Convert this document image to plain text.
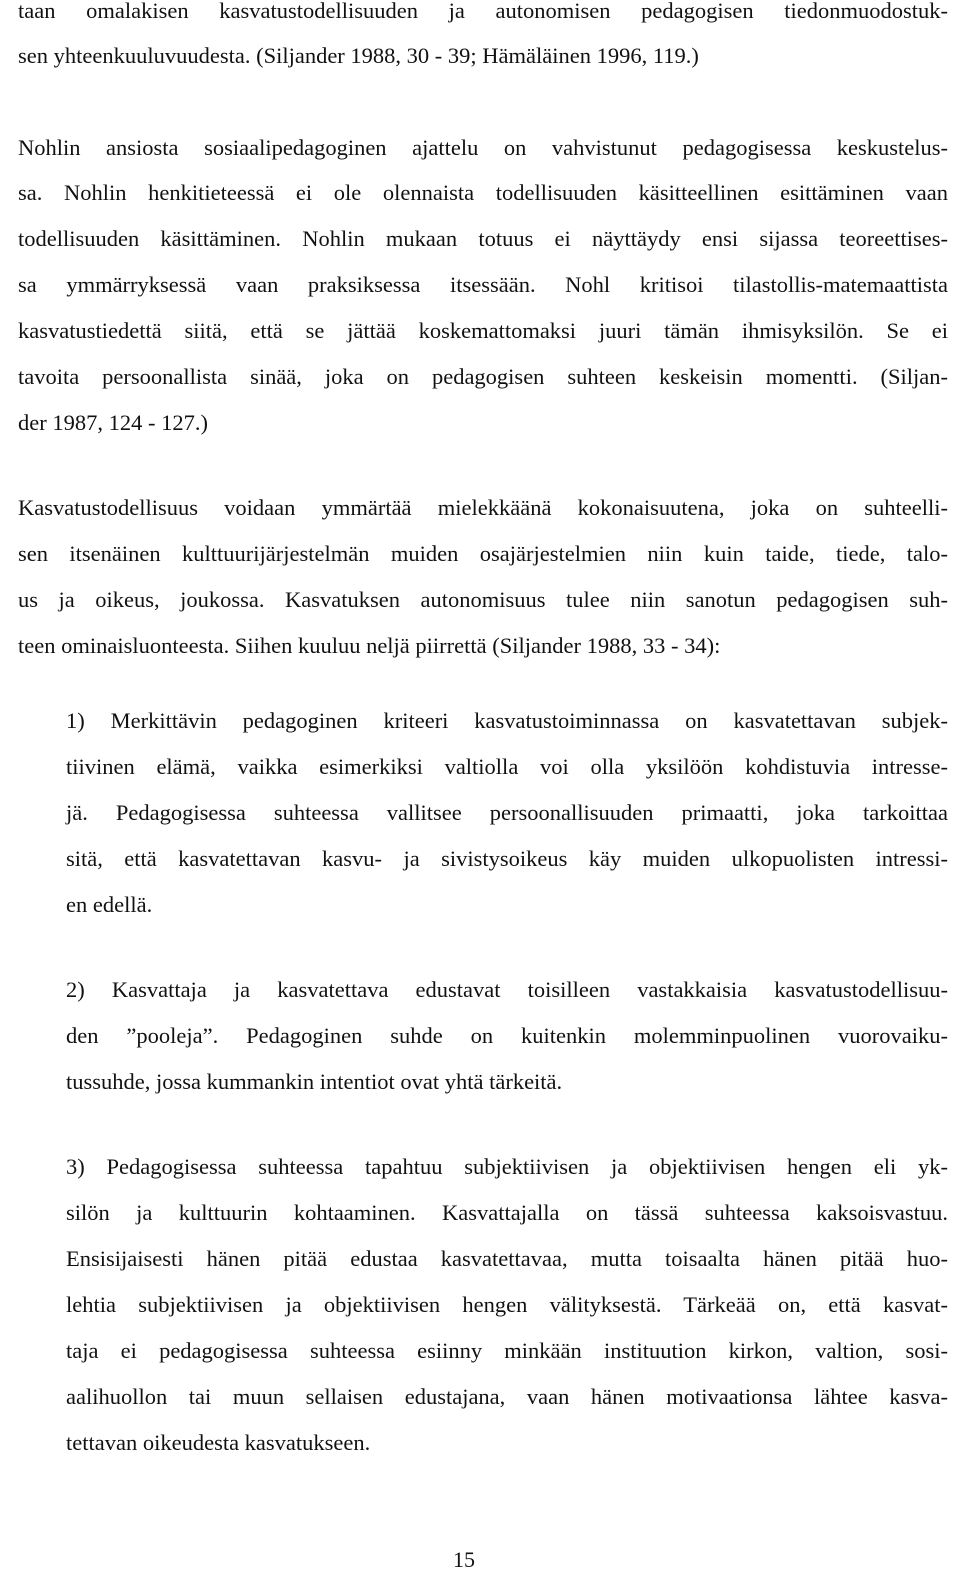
taan omalakisen kasvatustodellisuuden ja autonomisen pedagogisen tiedonmuodostuk-
sen yhteenkuuluvuudesta. (Siljander 1988, 30 - 39; Hämäläinen 1996, 119.)
Nohlin ansiosta sosiaalipedagoginen ajattelu on vahvistunut pedagogisessa keskustelus-
sa. Nohlin henkitieteessä ei ole olennaista todellisuuden käsitteellinen esittäminen vaan
todellisuuden käsittäminen. Nohlin mukaan totuus ei näyttäydy ensi sijassa teoreettises-
sa ymmärryksessä vaan praksiksessa itsessään. Nohl kritisoi tilastollis-matemaattista
kasvatustiedettä siitä, että se jättää koskemattomaksi juuri tämän ihmisyksilön. Se ei
tavoita persoonallista sinää, joka on pedagogisen suhteen keskeisin momentti. (Siljan-
der 1987, 124 - 127.)
Kasvatustodellisuus voidaan ymmärtää mielekkäänä kokonaisuutena, joka on suhteelli-
sen itsenäinen kulttuurijärjestelmän muiden osajärjestelmien niin kuin taide, tiede, talo-
us ja oikeus, joukossa. Kasvatuksen autonomisuus tulee niin sanotun pedagogisen suh-
teen ominaisluonteesta. Siihen kuuluu neljä piirrettä (Siljander 1988, 33 - 34):
1) Merkittävin pedagoginen kriteeri kasvatustoiminnassa on kasvatettavan subjek-
tiivinen elämä, vaikka esimerkiksi valtiolla voi olla yksilöön kohdistuvia intresse-
jä. Pedagogisessa suhteessa vallitsee persoonallisuuden primaatti, joka tarkoittaa
sitä, että kasvatettavan kasvu- ja sivistysoikeus käy muiden ulkopuolisten intressi-
en edellä.
2) Kasvattaja ja kasvatettava edustavat toisilleen vastakkaisia kasvatustodellisuu-
den ”pooleja”. Pedagoginen suhde on kuitenkin molemminpuolinen vuorovaiku-
tussuhde, jossa kummankin intentiot ovat yhtä tärkeitä.
3) Pedagogisessa suhteessa tapahtuu subjektiivisen ja objektiivisen hengen eli yk-
silön ja kulttuurin kohtaaminen. Kasvattajalla on tässä suhteessa kaksoisvastuu.
Ensisijaisesti hänen pitää edustaa kasvatettavaa, mutta toisaalta hänen pitää huo-
lehtia subjektiivisen ja objektiivisen hengen välityksestä. Tärkeää on, että kasvat-
taja ei pedagogisessa suhteessa esiinny minkään instituution kirkon, valtion, sosi-
aalihuollon tai muun sellaisen edustajana, vaan hänen motivaationsa lähtee kasva-
tettavan oikeudesta kasvatukseen.
15
